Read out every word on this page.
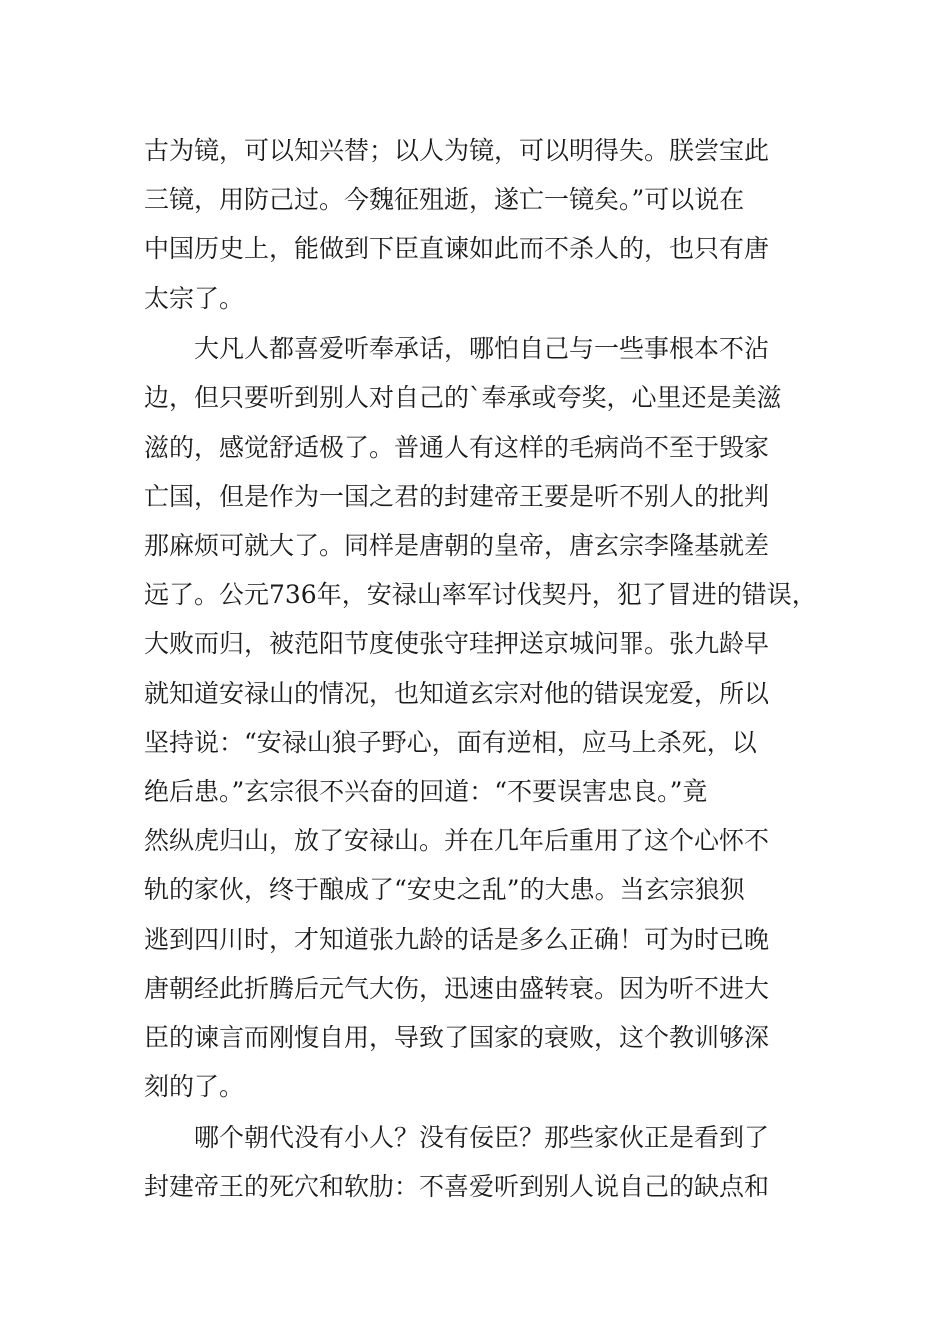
古为镜，可以知兴替；以人为镜，可以明得失。朕尝宝此
三镜，用防己过。今魏征殂逝，遂亡一镜矣。”可以说在
中国历史上，能做到下臣直谏如此而不杀人的，也只有唐
太宗了。
　　大凡人都喜爱听奉承话，哪怕自己与一些事根本不沾
边，但只要听到别人对自己的`奉承或夸奖，心里还是美滋
滋的，感觉舒适极了。普通人有这样的毛病尚不至于毁家
亡国，但是作为一国之君的封建帝王要是听不别人的批判
那麻烦可就大了。同样是唐朝的皇帝，唐玄宗李隆基就差
远了。公元736年，安禄山率军讨伐契丹，犯了冒进的错误，
大败而归，被范阳节度使张守珪押送京城问罪。张九龄早
就知道安禄山的情况，也知道玄宗对他的错误宠爱，所以
坚持说：“安禄山狼子野心，面有逆相，应马上杀死，以
绝后患。”玄宗很不兴奋的回道：“不要误害忠良。”竟
然纵虎归山，放了安禄山。并在几年后重用了这个心怀不
轨的家伙，终于酿成了“安史之乱”的大患。当玄宗狼狈
逃到四川时，才知道张九龄的话是多么正确！可为时已晚
唐朝经此折腾后元气大伤，迅速由盛转衰。因为听不进大
臣的谏言而刚愎自用，导致了国家的衰败，这个教训够深
刻的了。
　　哪个朝代没有小人？没有佞臣？那些家伙正是看到了
封建帝王的死穴和软肋：不喜爱听到别人说自己的缺点和
